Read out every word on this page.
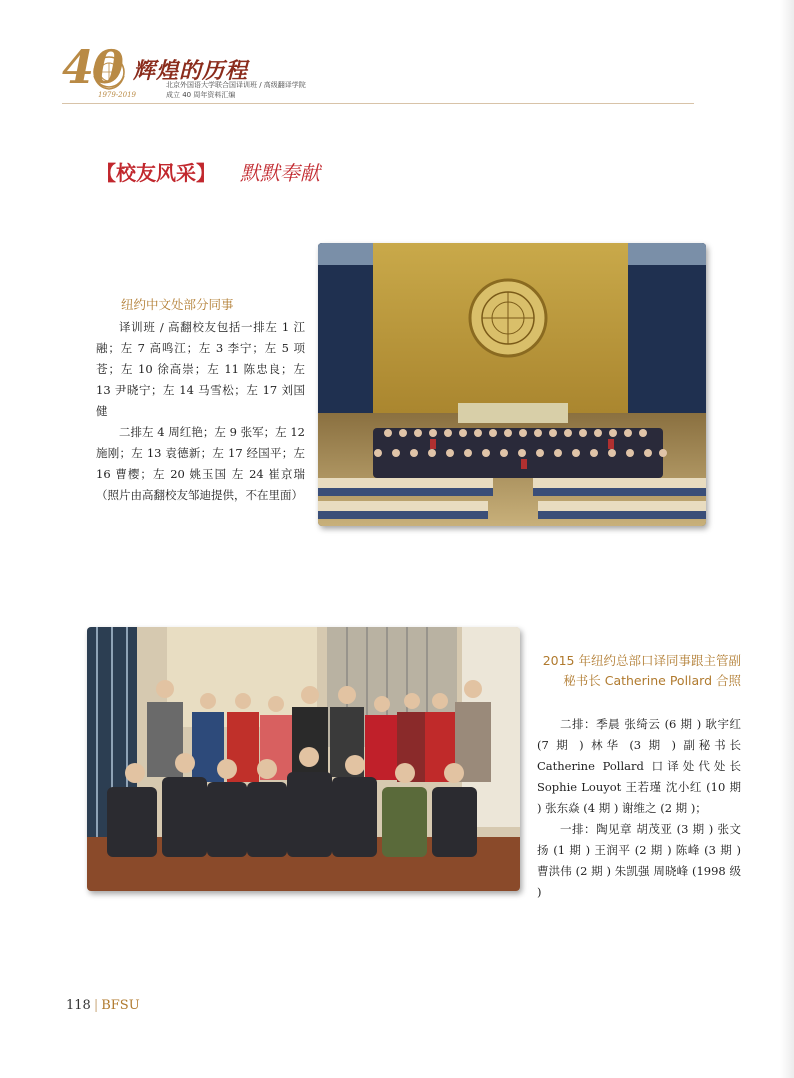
40
1979-2019
辉煌的历程
北京外国语大学联合国译训班 / 高级翻译学院
成立 40 周年资料汇编
【校友风采】 默默奉献
纽约中文处部分同事

译训班 / 高翻校友包括一排左 1 江融；左 7 高鸣江；左 3 李宁；左 5 项苍；左 10 徐高崇；左 11 陈忠良；左 13 尹晓宁；左 14 马雪松；左 17 刘国健

二排左 4 周红艳；左 9 张军；左 12 施刚；左 13 袁德新；左 17 经国平；左 16 曹樱；左 20 姚玉国 左 24 崔京瑞（照片由高翻校友邹迪提供，不在里面）

2015 年纽约总部口译同事跟主管副秘书长 Catherine Pollard 合照

二排：季晨 张绮云 (6 期 ) 耿宇红 (7 期 ) 林华 (3 期 ) 副秘书长 Catherine Pollard 口译处代处长 Sophie Louyot 王若瑾 沈小红 (10 期 ) 张东焱 (4 期 ) 谢维之 (2 期 )；

一排：陶见章 胡茂亚 (3 期 ) 张文扬 (1 期 ) 王润平 (2 期 ) 陈峰 (3 期 ) 曹洪伟 (2 期 ) 朱凯强 周晓峰 (1998 级 )

118 | BFSU
